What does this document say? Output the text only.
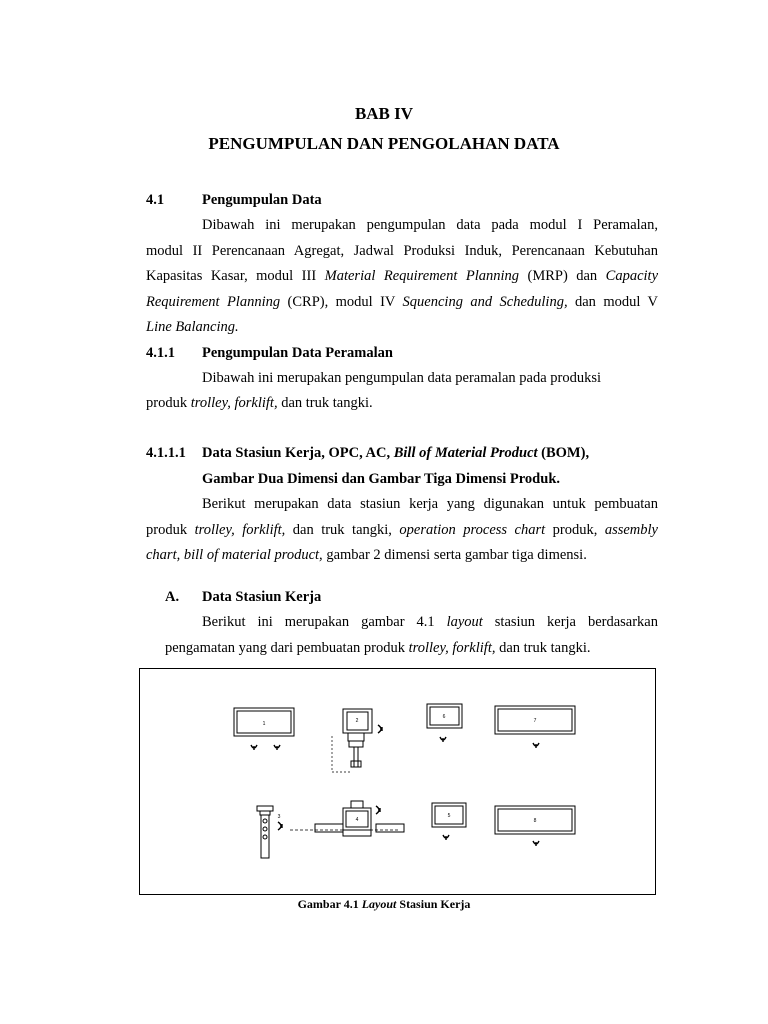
BAB IV
PENGUMPULAN DAN PENGOLAHAN DATA
4.1	Pengumpulan Data
Dibawah ini merupakan pengumpulan data pada modul I Peramalan,
modul II Perencanaan Agregat, Jadwal Produksi Induk, Perencanaan Kebutuhan
Kapasitas Kasar, modul III Material Requirement Planning (MRP) dan Capacity
Requirement Planning (CRP), modul IV Squencing and Scheduling, dan modul V
Line Balancing.
4.1.1 Pengumpulan Data Peramalan
Dibawah ini merupakan pengumpulan data peramalan pada produksi
produk trolley, forklift, dan truk tangki.
4.1.1.1 Data Stasiun Kerja, OPC, AC, Bill of Material Product (BOM),
Gambar Dua Dimensi dan Gambar Tiga Dimensi Produk.
Berikut merupakan data stasiun kerja yang digunakan untuk pembuatan
produk trolley, forklift, dan truk tangki, operation process chart produk, assembly
chart, bill of material product, gambar 2 dimensi serta gambar tiga dimensi.
A. Data Stasiun Kerja
Berikut ini merupakan gambar 4.1 layout stasiun kerja berdasarkan
pengamatan yang dari pembuatan produk trolley, forklift, dan truk tangki.
1	2
6
7
3	4
5
8
Gambar 4.1 Layout Stasiun Kerja
